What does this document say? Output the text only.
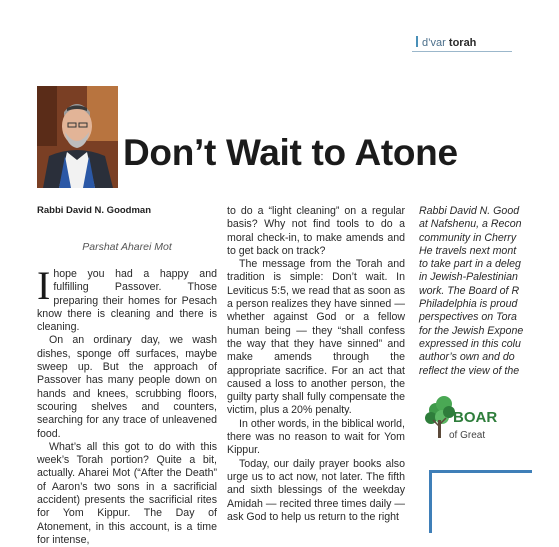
d’var torah
Don’t Wait to Atone
Rabbi David N. Goodman
Parshat Aharei Mot

Ihope you had a happy and fulfilling Passover. Those preparing their homes for Pesach know there is cleaning and there is cleaning.

On an ordinary day, we wash dishes, sponge off surfaces, maybe sweep up. But the approach of Passover has many people down on hands and knees, scrubbing floors, scouring shelves and counters, searching for any trace of unleavened food.

What’s all this got to do with this week’s Torah portion? Quite a bit, actually. Aharei Mot (“After the Death” of Aaron’s two sons in a sacrificial accident) presents the sacrificial rites for Yom Kippur. The Day of Atonement, in this account, is a time for intense,

to do a “light cleaning” on a regular basis? Why not find tools to do a moral check-in, to make amends and to get back on track?

The message from the Torah and tradition is simple: Don’t wait. In Leviticus 5:5, we read that as soon as a person realizes they have sinned — whether against God or a fellow human being — they “shall confess the way that they have sinned” and make amends through the appropriate sacrifice. For an act that caused a loss to another person, the guilty party shall fully compensate the victim, plus a 20% penalty.

In other words, in the biblical world, there was no reason to wait for Yom Kippur.

Today, our daily prayer books also urge us to act now, not later. The fifth and sixth blessings of the weekday Amidah — recited three times daily — ask God to help us return to the right

Rabbi David N. Good
at Nafshenu, a Recon
community in Cherry
He travels next mont
to take part in a deleg
in Jewish-Palestinian
work. The Board of R
Philadelphia is proud
perspectives on Tora
for the Jewish Expone
expressed in this colu
author’s own and do
reflect the view of the
BOAR
of Great
